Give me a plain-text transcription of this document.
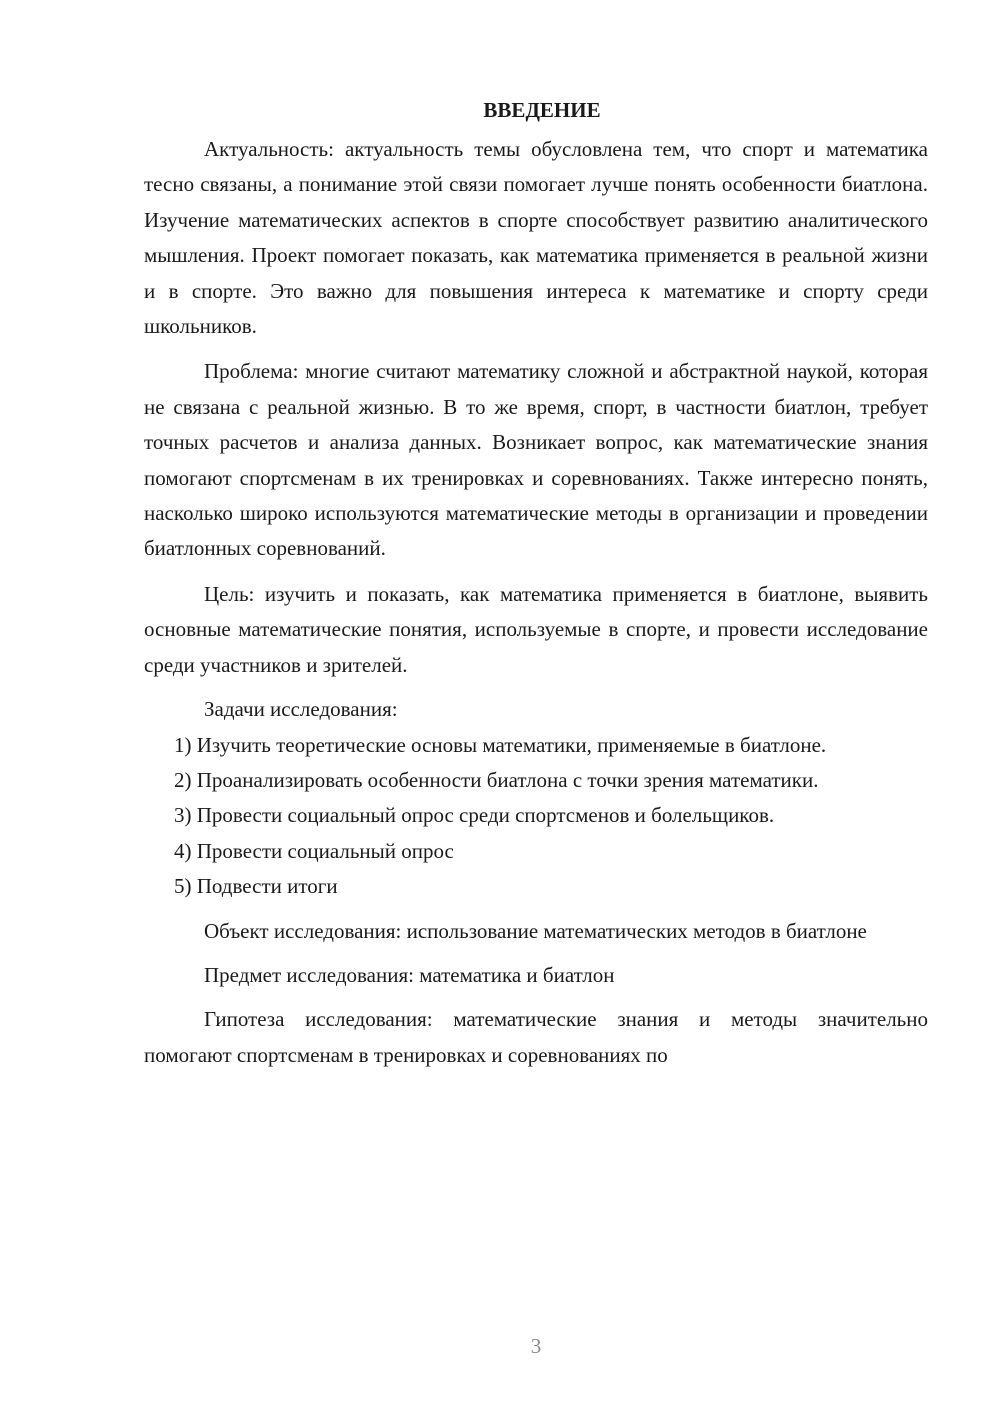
ВВЕДЕНИЕ

Актуальность: актуальность темы обусловлена тем, что спорт и математика тесно связаны, а понимание этой связи помогает лучше понять особенности биатлона. Изучение математических аспектов в спорте способствует развитию аналитического мышления. Проект помогает показать, как математика применяется в реальной жизни и в спорте. Это важно для повышения интереса к математике и спорту среди школьников.

Проблема: многие считают математику сложной и абстрактной наукой, которая не связана с реальной жизнью. В то же время, спорт, в частности биатлон, требует точных расчетов и анализа данных. Возникает вопрос, как математические знания помогают спортсменам в их тренировках и соревнованиях. Также интересно понять, насколько широко используются математические методы в организации и проведении биатлонных соревнований.

Цель: изучить и показать, как математика применяется в биатлоне, выявить основные математические понятия, используемые в спорте, и провести исследование среди участников и зрителей.

Задачи исследования:

1) Изучить теоретические основы математики, применяемые в биатлоне.

2) Проанализировать особенности биатлона с точки зрения математики.

3) Провести социальный опрос среди спортсменов и болельщиков.

4) Провести социальный опрос

5) Подвести итоги

Объект исследования: использование математических методов в биатлоне

Предмет исследования: математика и биатлон

Гипотеза исследования: математические знания и методы значительно помогают спортсменам в тренировках и соревнованиях по

3
